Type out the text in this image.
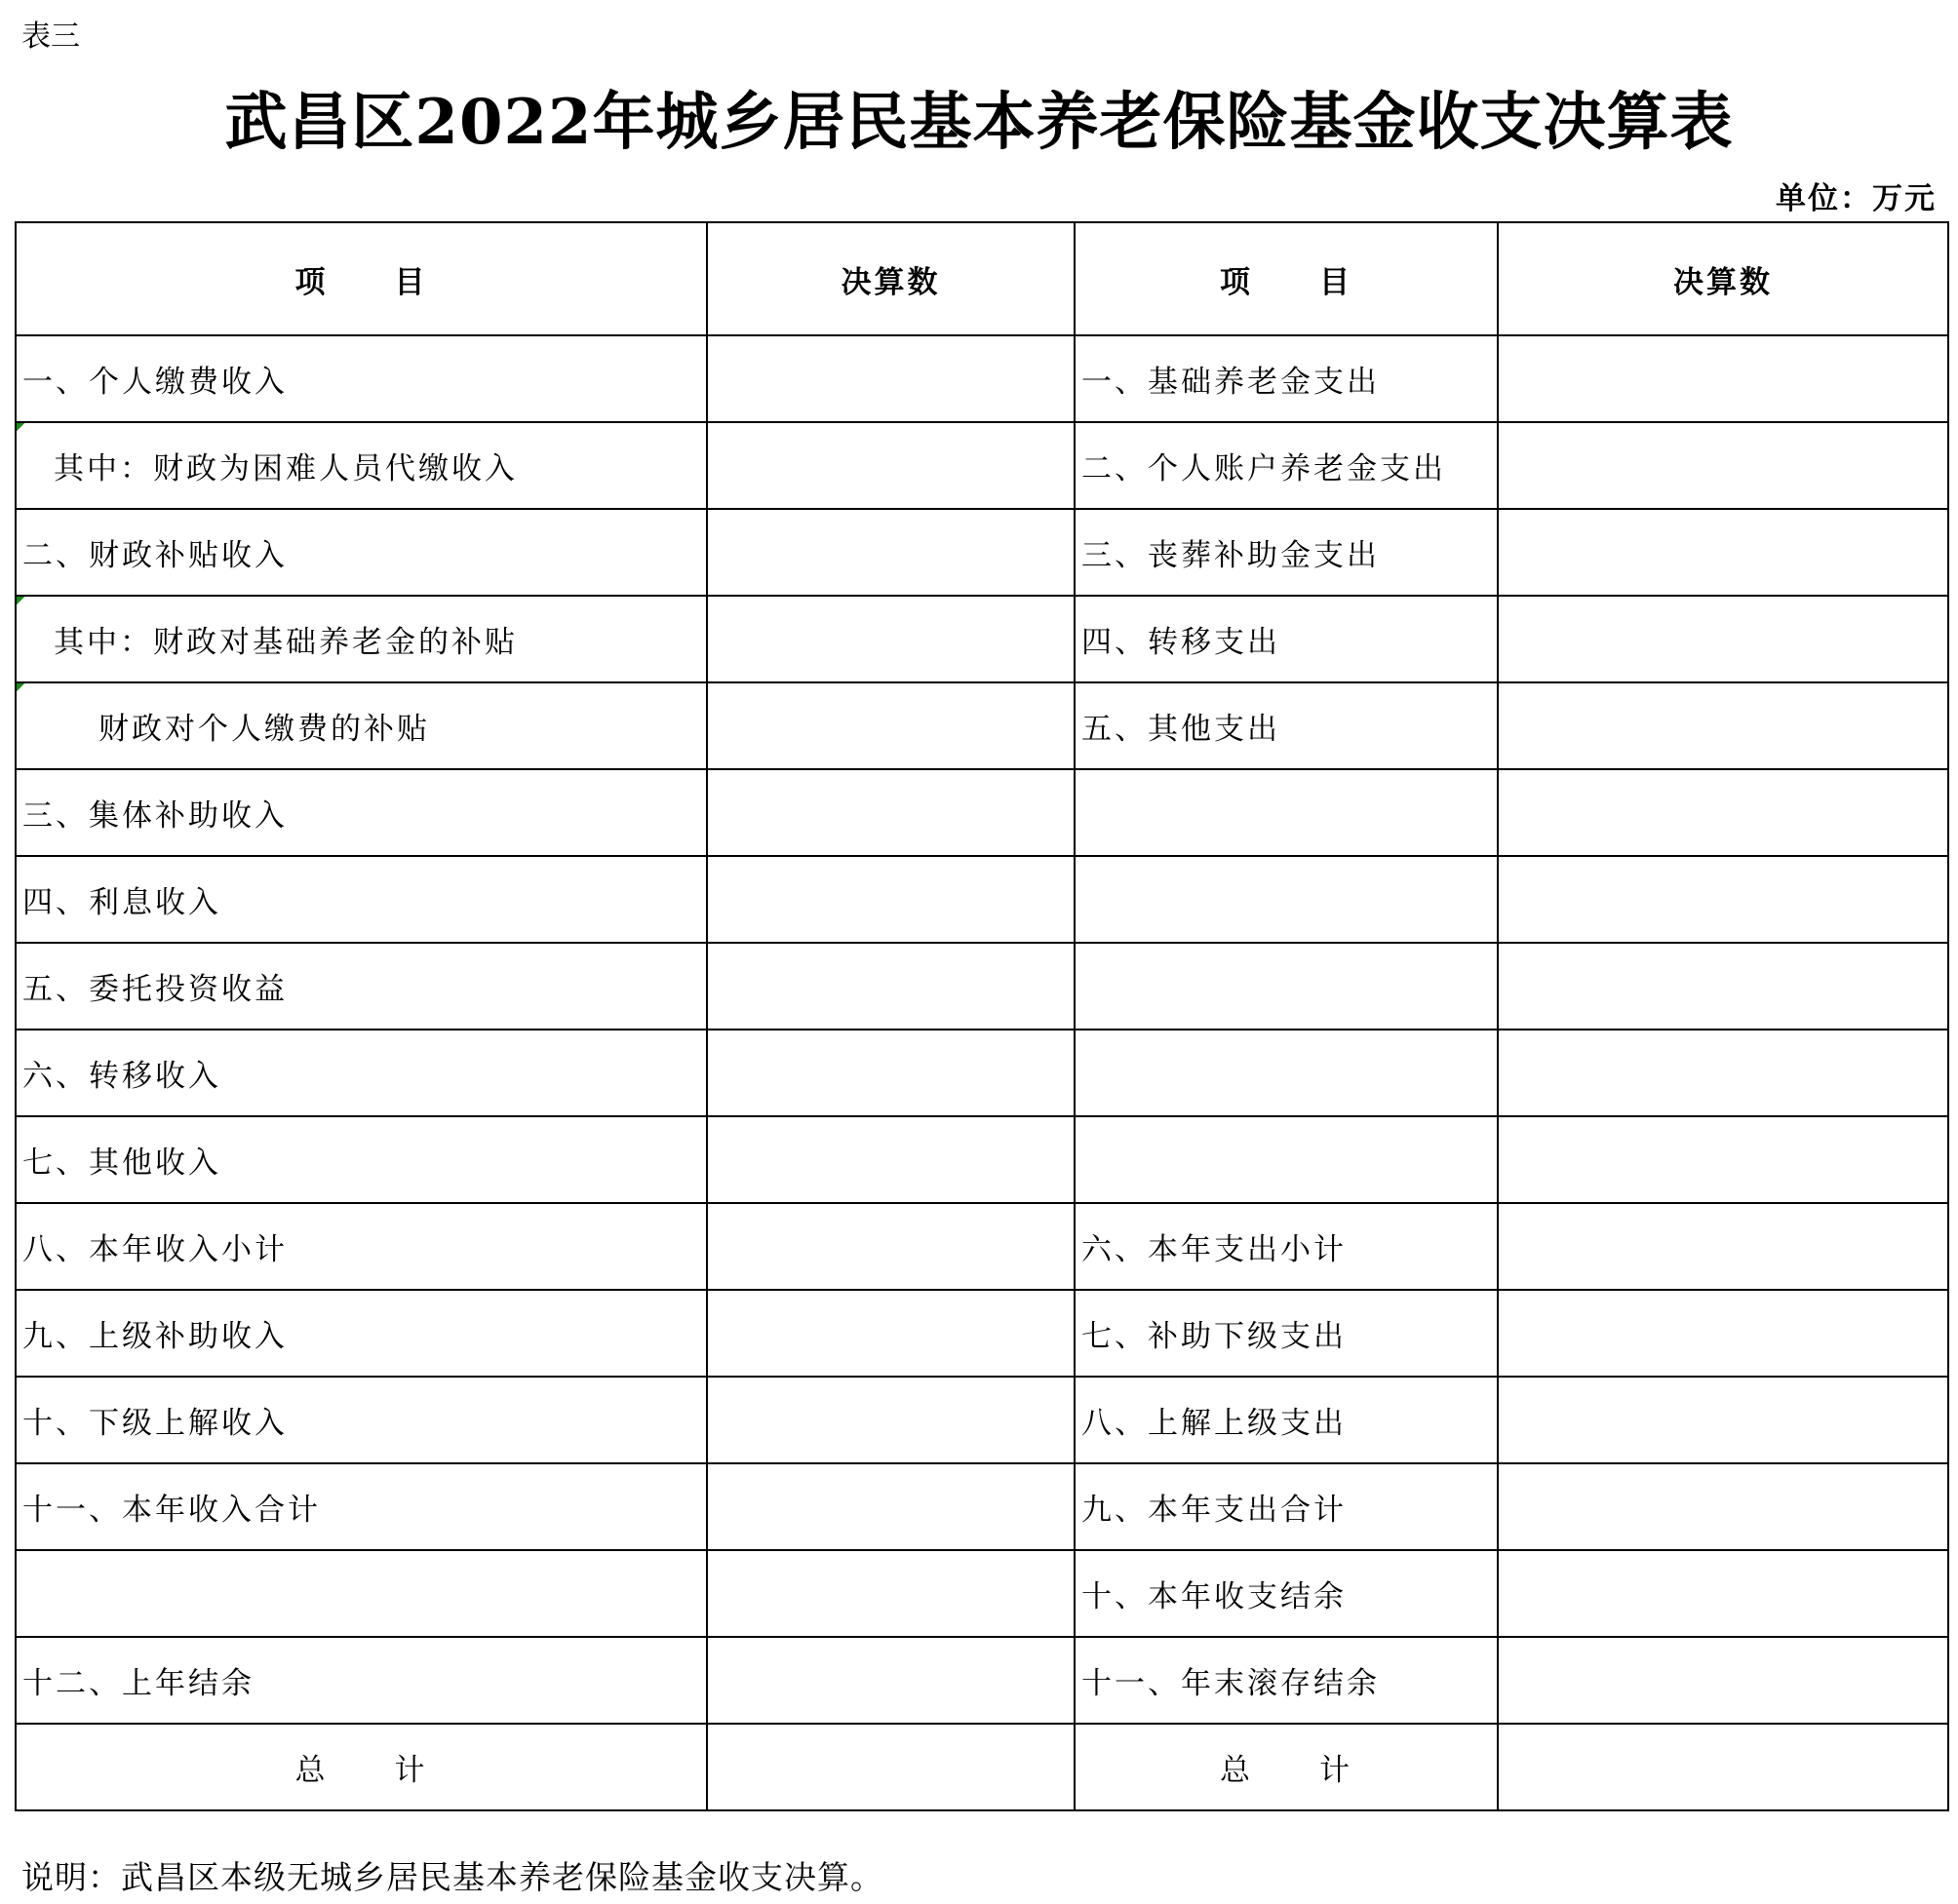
表三
武昌区2022年城乡居民基本养老保险基金收支决算表
单位：万元
项　　目	决算数	项　　目	决算数
一、个人缴费收入		一、基础养老金支出	
其中：财政为困难人员代缴收入		二、个人账户养老金支出	
二、财政补贴收入		三、丧葬补助金支出	
其中：财政对基础养老金的补贴		四、转移支出	
财政对个人缴费的补贴		五、其他支出	
三、集体补助收入			
四、利息收入			
五、委托投资收益			
六、转移收入			
七、其他收入			
八、本年收入小计		六、本年支出小计	
九、上级补助收入		七、补助下级支出	
十、下级上解收入		八、上解上级支出	
十一、本年收入合计		九、本年支出合计	
		十、本年收支结余	
十二、上年结余		十一、年末滚存结余	
总　　计		总　　计	
说明：武昌区本级无城乡居民基本养老保险基金收支决算。
